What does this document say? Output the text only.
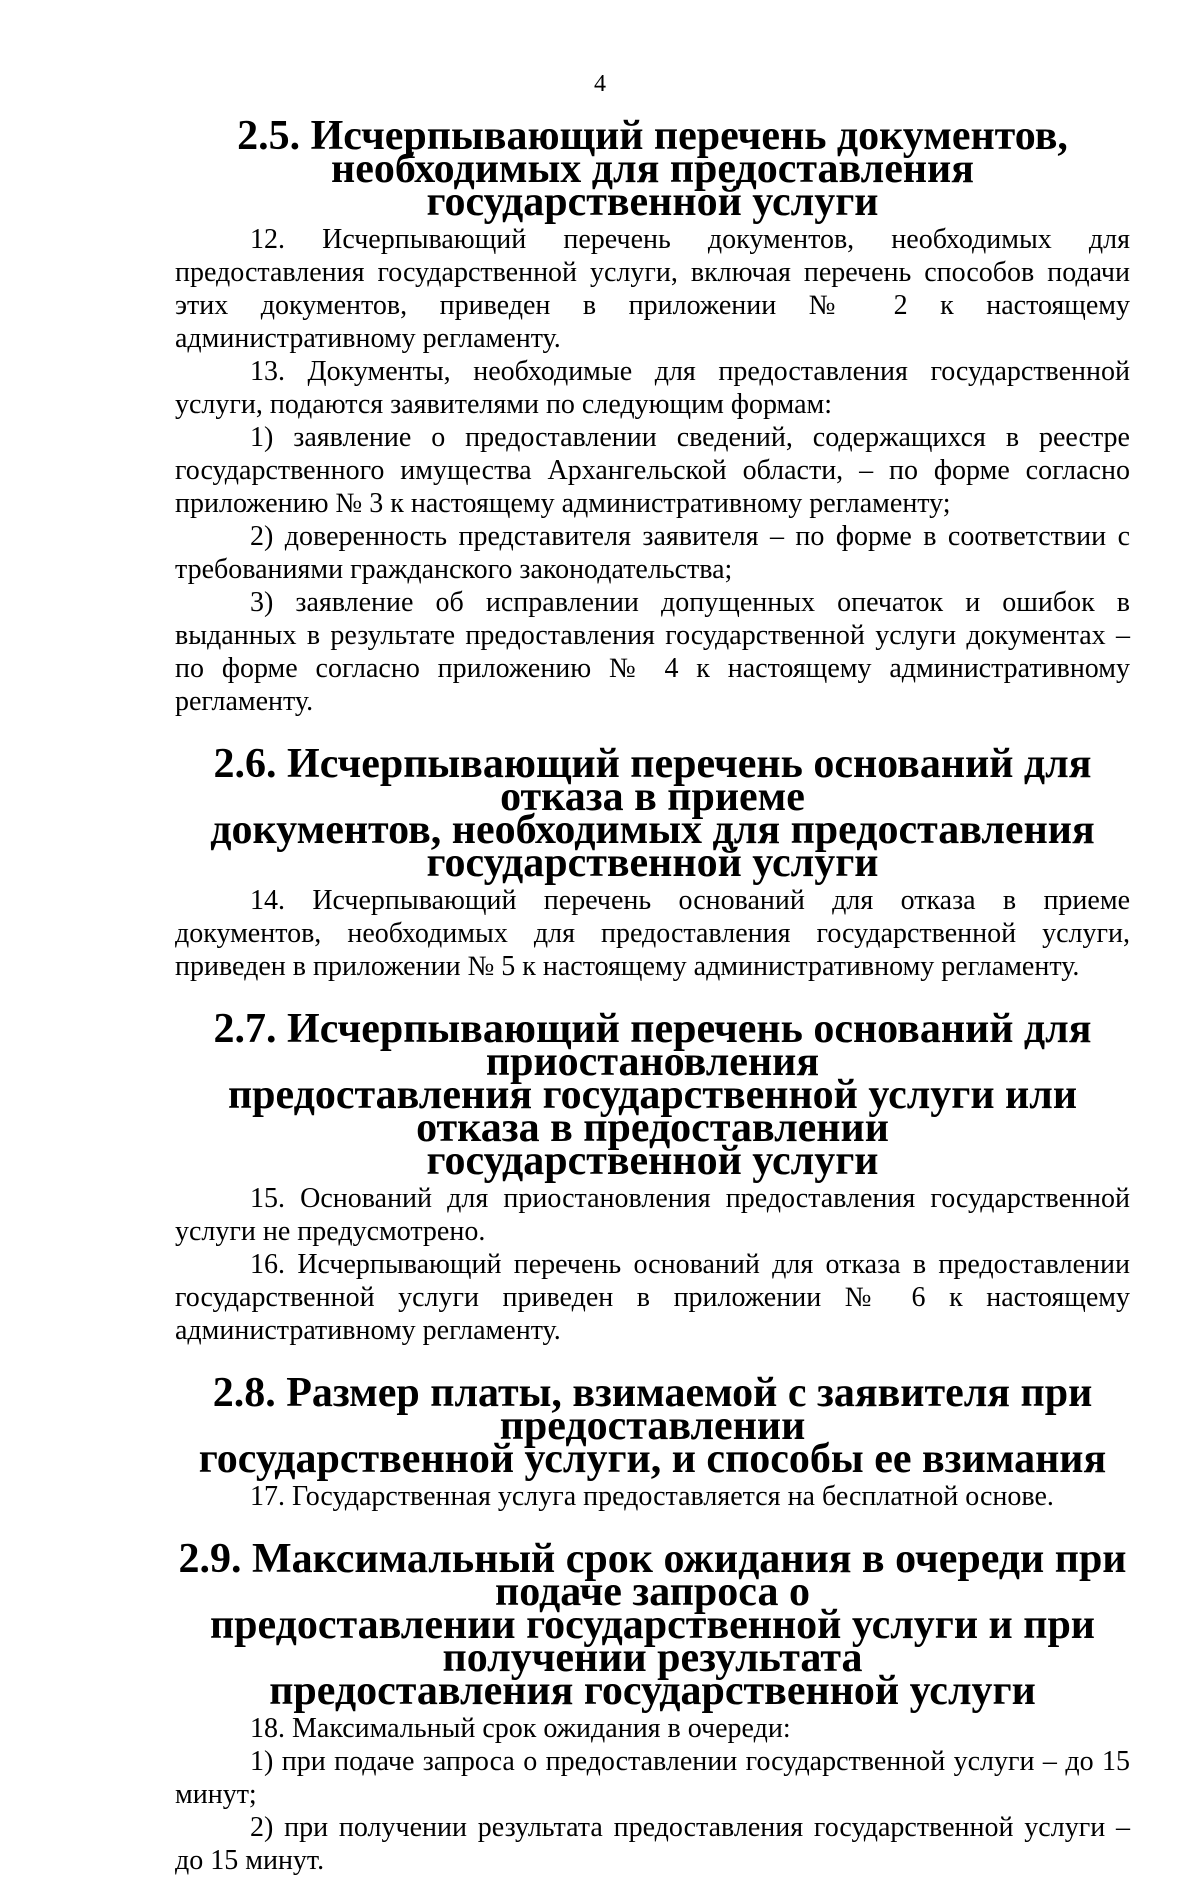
4
2.5. Исчерпывающий перечень документов,
необходимых для предоставления государственной услуги

12. Исчерпывающий перечень документов, необходимых для предоставления государственной услуги, включая перечень способов подачи этих документов, приведен в приложении № 2 к настоящему административному регламенту.

13. Документы, необходимые для предоставления государственной услуги, подаются заявителями по следующим формам:

1) заявление о предоставлении сведений, содержащихся в реестре государственного имущества Архангельской области, – по форме согласно приложению № 3 к настоящему административному регламенту;

2) доверенность представителя заявителя – по форме в соответствии с требованиями гражданского законодательства;

3) заявление об исправлении допущенных опечаток и ошибок в выданных в результате предоставления государственной услуги документах – по форме согласно приложению № 4 к настоящему административному регламенту.

2.6. Исчерпывающий перечень оснований для отказа в приеме
документов, необходимых для предоставления государственной услуги

14. Исчерпывающий перечень оснований для отказа в приеме документов, необходимых для предоставления государственной услуги, приведен в приложении № 5 к настоящему административному регламенту.

2.7. Исчерпывающий перечень оснований для приостановления
предоставления государственной услуги или отказа в предоставлении
государственной услуги

15. Оснований для приостановления предоставления государственной услуги не предусмотрено.

16. Исчерпывающий перечень оснований для отказа в предоставлении государственной услуги приведен в приложении № 6 к настоящему административному регламенту.

2.8. Размер платы, взимаемой с заявителя при предоставлении
государственной услуги, и способы ее взимания

17. Государственная услуга предоставляется на бесплатной основе.

2.9. Максимальный срок ожидания в очереди при подаче запроса о
предоставлении государственной услуги и при получении результата
предоставления государственной услуги

18. Максимальный срок ожидания в очереди:

1) при подаче запроса о предоставлении государственной услуги – до 15 минут;

2) при получении результата предоставления государственной услуги – до 15 минут.
